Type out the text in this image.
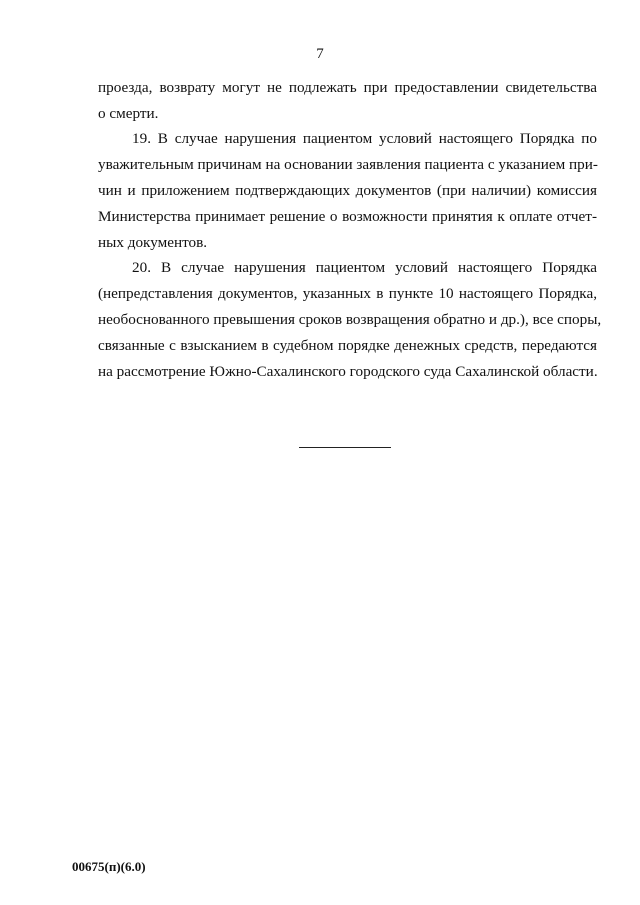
7
проезда, возврату могут не подлежать при предоставлении свидетельства
о смерти.
19. В случае нарушения пациентом условий настоящего Порядка по
уважительным причинам на основании заявления пациента с указанием при-
чин и приложением подтверждающих документов (при наличии) комиссия
Министерства принимает решение о возможности принятия к оплате отчет-
ных документов.
20. В случае нарушения пациентом условий настоящего Порядка
(непредставления документов, указанных в пункте 10 настоящего Порядка,
необоснованного превышения сроков возвращения обратно и др.), все споры,
связанные с взысканием в судебном порядке денежных средств, передаются
на рассмотрение Южно-Сахалинского городского суда Сахалинской области.
00675(п)(6.0)
